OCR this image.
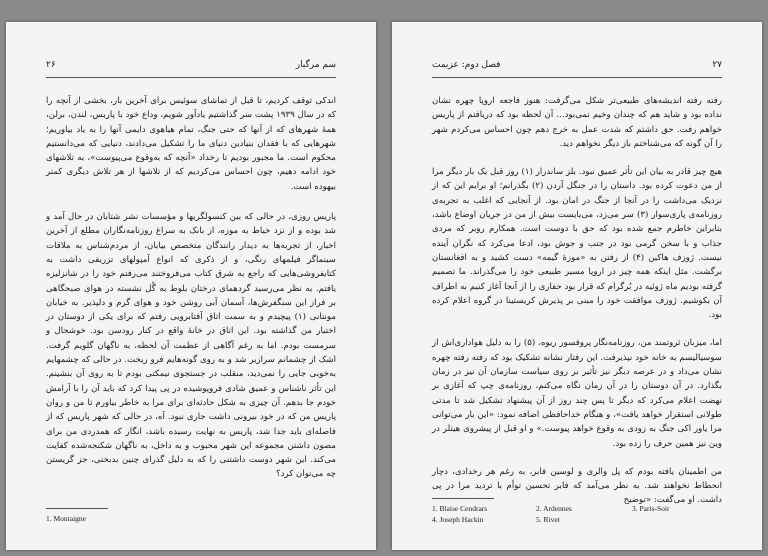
۲۶	سم مرگبار

اندکی توقف کردیم، تا قبل از تماشای سوئیس برای آخرین بار، بخشی از آنچه را که در سال ۱۹۳۹ پشت سر گذاشتیم یادآور شویم، وداع خود با پاریس، لندن، برلن، همهٔ شهرهای که از آنها که حتی جنگ، تمام هیاهوی دایمی آنها را به یاد بیاوریم؛ شهرهایی که با فقدان بنیادین دنیای ما را تشکیل می‌دادند، دنیایی که می‌دانستیم محکوم است. ما مجبور بودیم تا رخداد «آنچه که به‌وقوع می‌پیوست»، به تلاشهای خود ادامه دهیم، چون احساس می‌کردیم که از تلاشها از هر تلاش دیگری کمتر بیهوده است.

پاریس روزی، در حالی که بین کنسولگریها و مؤسسات نشر شتابان در حال آمد و شد بوده و از نزد خیاط به موزه، از بانک به سراغ روزنامه‌نگاران مطلع از آخرین اخبار، از تجربه‌ها به دیدار رانندگان متخصص بیابان، از مردم‌شناس به ملاقات سینماگر فیلمهای رنگی، و از ذکری که انواع آمپولهای تزریقی داشت به کتابفروشی‌هایی که راجع به شرق کتاب می‌فروختند می‌رفتم خود را در شانزلیزه یافتم. به نظر می‌رسید گردهمای درختان بلوط به گُل نشسته در هوای صبحگاهی بر فراز این سنگفرش‌ها، آسمان آبی روشن خود و هوای گرم و دلپذیر. به خیابان مونتانی (۱) پیچیدم و به سمت اتاق آفتابرویی رفتم که برای یکی از دوستان در اختیار من گذاشته بود. این اتاق در خانهٔ واقع در کنار رودسن بود. خوشحال و سرمست بودم. اما به رغم آگاهی از عظمت آن لحظه، به ناگهان گلویم گرفت. اشک از چشمانم سرازیر شد و به روی گونه‌هایم فرو ریخت. در حالی که چشمهایم به‌خوبی جایی را نمی‌دید، منقلب در جستجوی نیمکتی بودم تا به روی آن بنشینم. این تأثر ناشناس و عمیق شادی فروپوشیده در پی پیدا کرد که باید آن را با آرامش خودم جا بدهم. آن چیزی به شکل حادثه‌ای برای مرا به خاطر بیاورم تا من و روان پاریس من که در خود بیرونی داشت جاری نبود. آه، در حالی که شهر پاریس که از فاصله‌ای باید جدا شد، پاریس به نهایت رسیده باشد، انگار که همدردی من برای مصون داشتن مجموعه این شهر محبوب و به داخل، به ناگهان شکنجه‌شده کفایت می‌کند. این شهر دوست داشتنی را که به دلیل گذرای چنین بدبختی، جز گریستن چه می‌توان کرد؟

1. Montaigne
۲۷
فصل دوم: عزیمت

رفته رفته اندیشه‌های طبیعی‌تر شکل می‌گرفت: هنوز فاجعه اروپا چهره نشان نداده بود و شاید هم که چندان وخیم نمی‌بود... آن لحظه بود که دریافتم از پاریس خواهم رفت. حق داشتم که شدت عمل به خرج دهم چون احساس می‌کردم شهر را آن گونه که می‌شناختم باز دیگر نخواهم دید.

هیچ چیز قادر به بیان این تأثر عمیق نبود. بلز ساندرار (۱) روز قبل یک بار دیگر مرا از من دعوت کرده بود. داستان را در جنگل آردن (۲) بگذرانم؛ او برایم این که از نزدیک می‌داشت را در آنجا از جنگ در امان بود. از آنجایی که اغلب به تجربه‌ی روزنامه‌ی پاری‌سوار (۳) سر می‌زد، می‌بایست بیش از من در جریان اوضاع باشد، بنابراین خاطرم جمع شده بود که حق با دوست است. همکارم روبر که مردی جذاب و با سخن گرمی بود در جنب و جوش بود، ادعا می‌کرد که نگران آینده نیست. ژوزف هاکین (۴) از رفتن به «موزهٔ گیمه» دست کشید و به افغانستان برگشت. مثل اینکه همه چیز در اروپا مسیر طبیعی خود را می‌گذراند. ما تصمیم گرفته بودیم ماه ژوئیه در بُرگرام که قرار بود حفاری را از آنجا آغاز کنیم به اطراف آن بکوشیم. ژوزف موافقت خود را مبنی بر پذیرش کریستینا در گروه اعلام کرده بود.

اما، میزبان ثروتمند من، روزنامه‌نگار پروفسور ریوه، (۵) را به دلیل هواداری‌اش از سوسیالیسم به خانه خود نپذیرفت. این رفتار نشانه تشکیک بود که رفته رفته چهره نشان می‌داد و در عرصه دیگر نیز تأثیر بر روی سیاست سازمان آن نیز در زمان بگذارد. در آن دوستان را در آن زمان نگاه می‌کنم، روزنامه‌ی چپ که آغازی بر نهضت اعلام می‌کرد که دیگر تا پس چند روز از آن پیشنهاد تشکیل شد تا مدتی طولانی استقرار خواهد یافت»، و هنگام خداحافظی اضافه نمود: «این بار می‌توانی مرا یاور اکی جنگ به زودی به وقوع خواهد پیوست.» و او قبل از پیشروی هیتلر در وین نیز همین حرف را زده بود.

من اطمینان یافته بودم که پل والری و لوسین فابر، به رغم هر رخدادی، دچار انحطاط نخواهند شد. به نظر می‌آمد که فابر تحسین توأم با تردید مرا در پی داشت. او می‌گفت: «توضیح

1. Blaise Cendrars	2. Ardennes	3. Paris-Soir
4. Joseph Hackin	5. Rivet
